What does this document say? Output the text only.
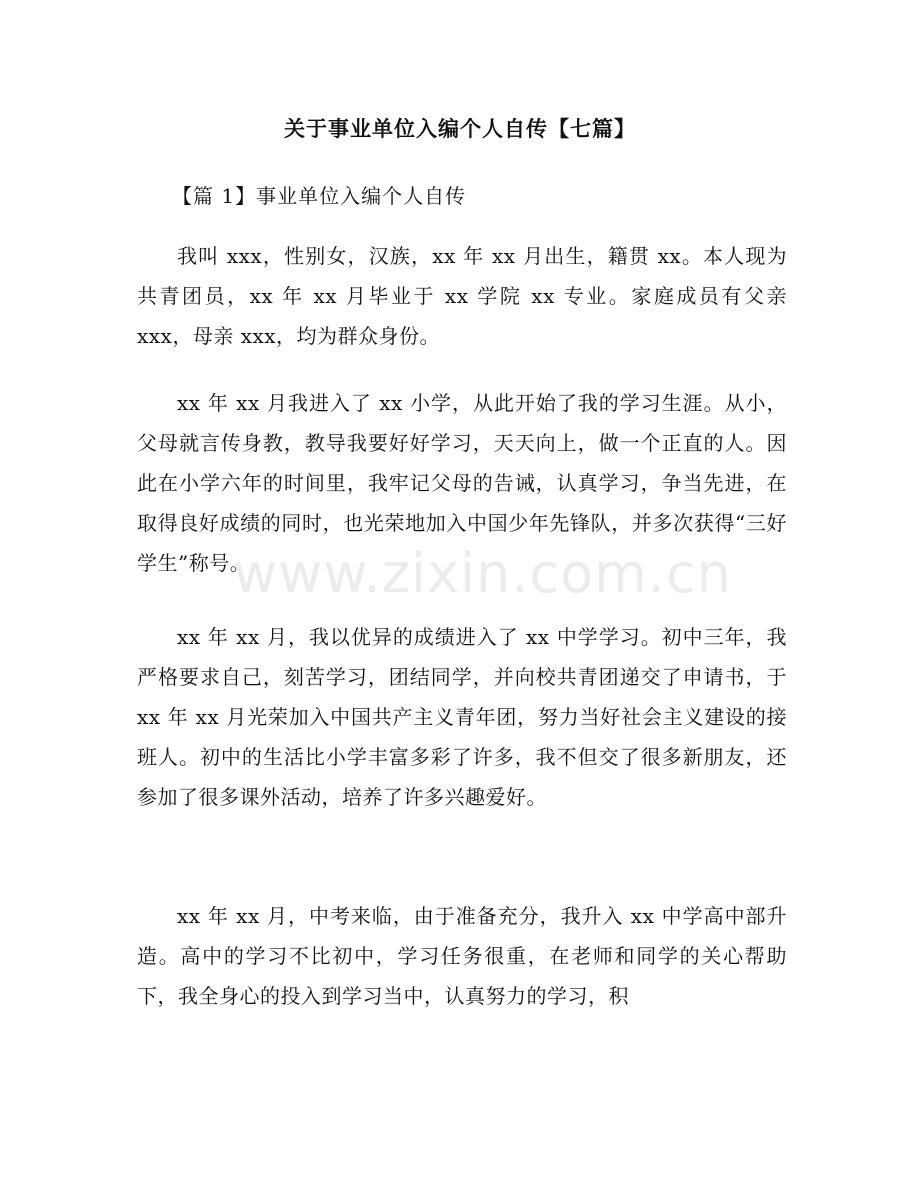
关于事业单位入编个人自传【七篇】
【篇 1】事业单位入编个人自传

我叫 xxx，性别女，汉族，xx 年 xx 月出生，籍贯 xx。本人现为共青团员，xx 年 xx 月毕业于 xx 学院 xx 专业。家庭成员有父亲 xxx，母亲 xxx，均为群众身份。

xx 年 xx 月我进入了 xx 小学，从此开始了我的学习生涯。从小，父母就言传身教，教导我要好好学习，天天向上，做一个正直的人。因此在小学六年的时间里，我牢记父母的告诫，认真学习，争当先进，在取得良好成绩的同时，也光荣地加入中国少年先锋队，并多次获得“三好学生”称号。

xx 年 xx 月，我以优异的成绩进入了 xx 中学学习。初中三年，我严格要求自己，刻苦学习，团结同学，并向校共青团递交了申请书，于 xx 年 xx 月光荣加入中国共产主义青年团，努力当好社会主义建设的接班人。初中的生活比小学丰富多彩了许多，我不但交了很多新朋友，还参加了很多课外活动，培养了许多兴趣爱好。

xx 年 xx 月，中考来临，由于准备充分，我升入 xx 中学高中部升造。高中的学习不比初中，学习任务很重，在老师和同学的关心帮助下，我全身心的投入到学习当中，认真努力的学习，积

www.zixin.com.cn
